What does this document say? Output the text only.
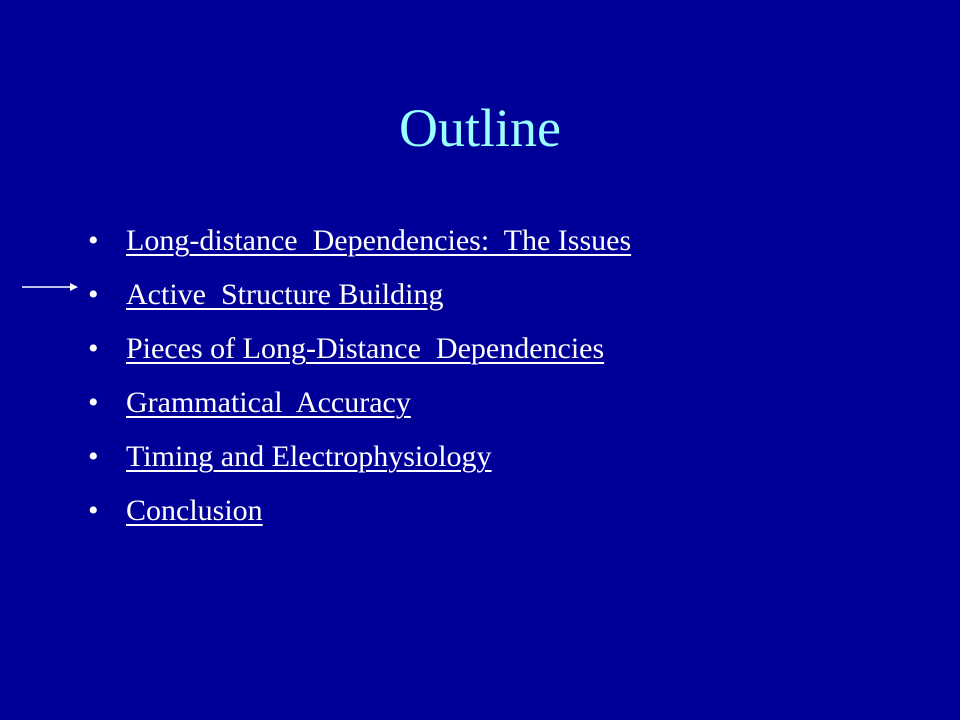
Outline
• Long-distance  Dependencies:  The Issues
• Active  Structure Building
• Pieces of Long-Distance  Dependencies
• Grammatical  Accuracy
• Timing and Electrophysiology
• Conclusion
